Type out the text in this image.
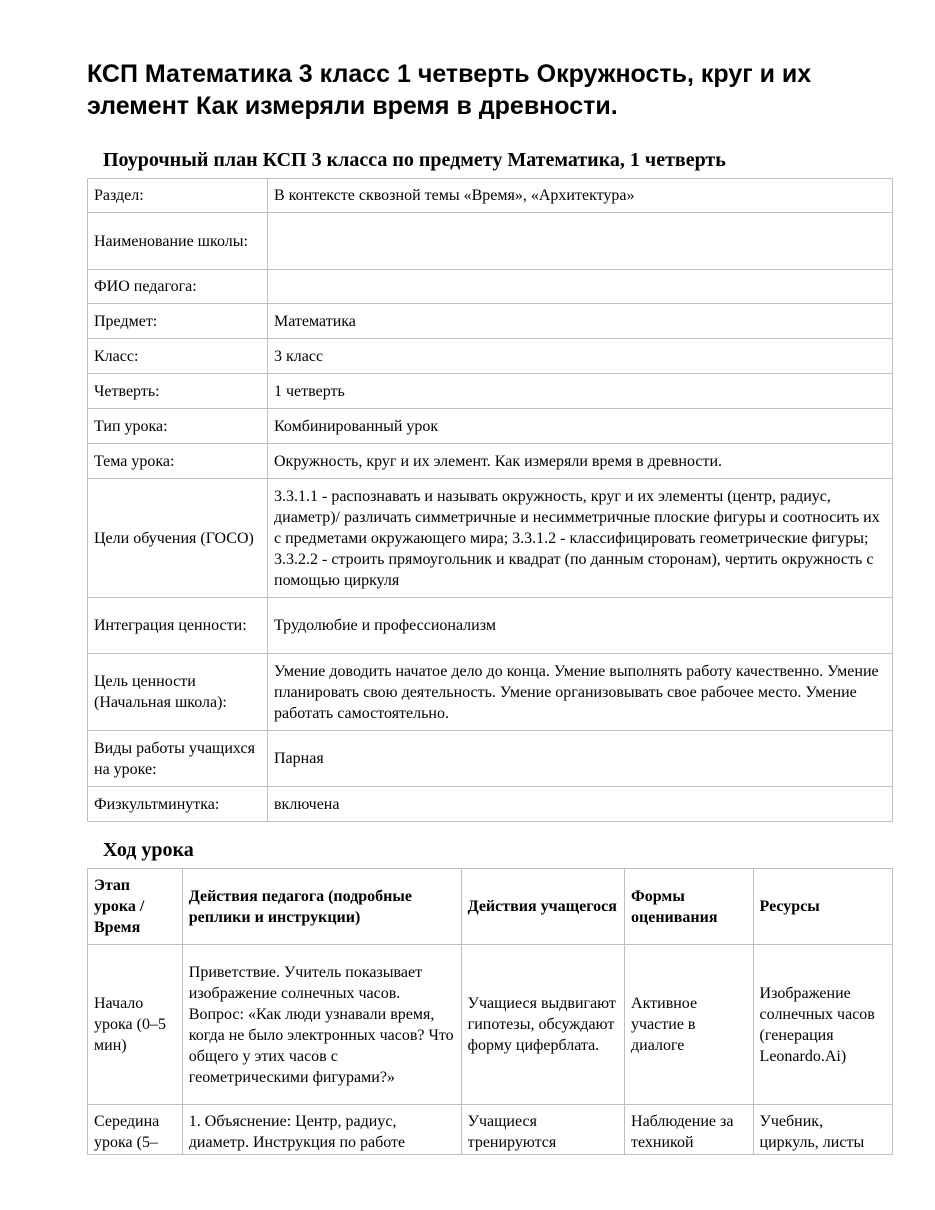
КСП Математика 3 класс 1 четверть Окружность, круг и их элемент Как измеряли время в древности.
Поурочный план КСП 3 класса по предмету Математика, 1 четверть
Раздел:	В контексте сквозной темы «Время», «Архитектура»
Наименование школы:	
ФИО педагога:	
Предмет:	Математика
Класс:	3 класс
Четверть:	1 четверть
Тип урока:	Комбинированный урок
Тема урока:	Окружность, круг и их элемент. Как измеряли время в древности.
Цели обучения (ГОСО)	3.3.1.1 - распознавать и называть окружность, круг и их элементы (центр, радиус, диаметр)/ различать симметричные и несимметричные плоские фигуры и соотносить их с предметами окружающего мира; 3.3.1.2 - классифицировать геометрические фигуры; 3.3.2.2 - строить прямоугольник и квадрат (по данным сторонам), чертить окружность с помощью циркуля
Интеграция ценности:	Трудолюбие и профессионализм
Цель ценности (Начальная школа):	Умение доводить начатое дело до конца. Умение выполнять работу качественно. Умение планировать свою деятельность. Умение организовывать свое рабочее место. Умение работать самостоятельно.
Виды работы учащихся на уроке:	Парная
Физкультминутка:	включена
Ход урока
Этап урока / Время	Действия педагога (подробные реплики и инструкции)	Действия учащегося	Формы оценивания	Ресурсы
Начало урока (0–5 мин)	Приветствие. Учитель показывает изображение солнечных часов. Вопрос: «Как люди узнавали время, когда не было электронных часов? Что общего у этих часов с геометрическими фигурами?»	Учащиеся выдвигают гипотезы, обсуждают форму циферблата.	Активное участие в диалоге	Изображение солнечных часов (генерация Leonardo.Ai)

Середина урока (5–	1. Объяснение: Центр, радиус, диаметр. Инструкция по работе	Учащиеся тренируются	Наблюдение за техникой	Учебник, циркуль, листы
